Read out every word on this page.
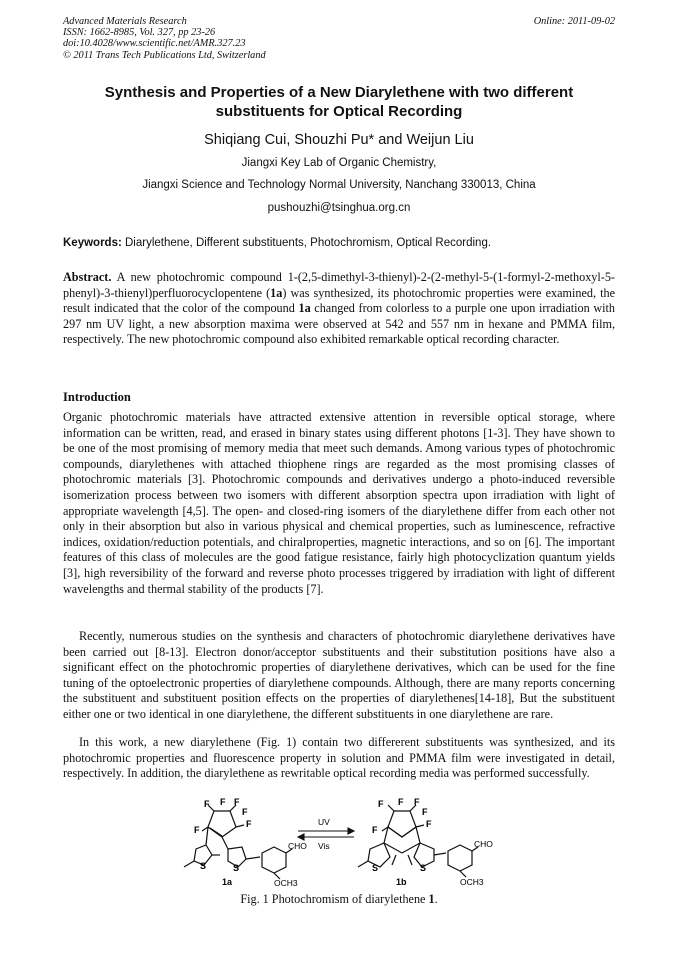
Advanced Materials Research
ISSN: 1662-8985, Vol. 327, pp 23-26
doi:10.4028/www.scientific.net/AMR.327.23
© 2011 Trans Tech Publications Ltd, Switzerland
Online: 2011-09-02
Synthesis and Properties of a New Diarylethene with two different
substituents for Optical Recording
Shiqiang Cui, Shouzhi Pu* and Weijun Liu
Jiangxi Key Lab of Organic Chemistry,
Jiangxi Science and Technology Normal University, Nanchang 330013, China
pushouzhi@tsinghua.org.cn
Keywords: Diarylethene, Different substituents, Photochromism, Optical Recording.
Abstract. A new photochromic compound 1-(2,5-dimethyl-3-thienyl)-2-(2-methyl-5-(1-formyl-2-methoxyl-5-phenyl)-3-thienyl)perfluorocyclopentene (1a) was synthesized, its photochromic properties were examined, the result indicated that the color of the compound 1a changed from colorless to a purple one upon irradiation with 297 nm UV light, a new absorption maxima were observed at 542 and 557 nm in hexane and PMMA film, respectively. The new photochromic compound also exhibited remarkable optical recording character.
Introduction
Organic photochromic materials have attracted extensive attention in reversible optical storage, where information can be written, read, and erased in binary states using different photons [1-3]. They have shown to be one of the most promising of memory media that meet such demands. Among various types of photochromic compounds, diarylethenes with attached thiophene rings are regarded as the most promising classes of photochromic materials [3]. Photochromic compounds and derivatives undergo a photo-induced reversible isomerization process between two isomers with different absorption spectra upon irradiation with light of appropriate wavelength [4,5]. The open- and closed-ring isomers of the diarylethene differ from each other not only in their absorption but also in various physical and chemical properties, such as luminescence, refractive indices, oxidation/reduction potentials, and chiralproperties, magnetic interactions, and so on [6]. The important features of this class of molecules are the good fatigue resistance, fairly high photocyclization quantum yields [3], high reversibility of the forward and reverse photo processes triggered by irradiation with light of different wavelengths and thermal stability of the products [7].
Recently, numerous studies on the synthesis and characters of photochromic diarylethene derivatives have been carried out [8-13]. Electron donor/acceptor substituents and their substitution positions have also a significant effect on the photochromic properties of diarylethene derivatives, which can be used for the fine tuning of the optoelectronic properties of diarylethene compounds. Although, there are many reports concerning the substituent and substituent position effects on the properties of diarylethenes[14-18], But the substituent either one or two identical in one diarylethene, the different substituents in one diarylethene are rare.
In this work, a new diarylethene (Fig. 1) contain two differerent substituents was synthesized, and its photochromic properties and fluorescence property in solution and PMMA film were investigated in detail, respectively. In addition, the diarylethene as rewritable optical recording media was performed successfully.
F F F
F
F
F
S	S
CHO
OCH3
1a
UV
Vis
F F F
F
F
F
S	S
CHO
OCH3
1b
Fig. 1 Photochromism of diarylethene 1.
